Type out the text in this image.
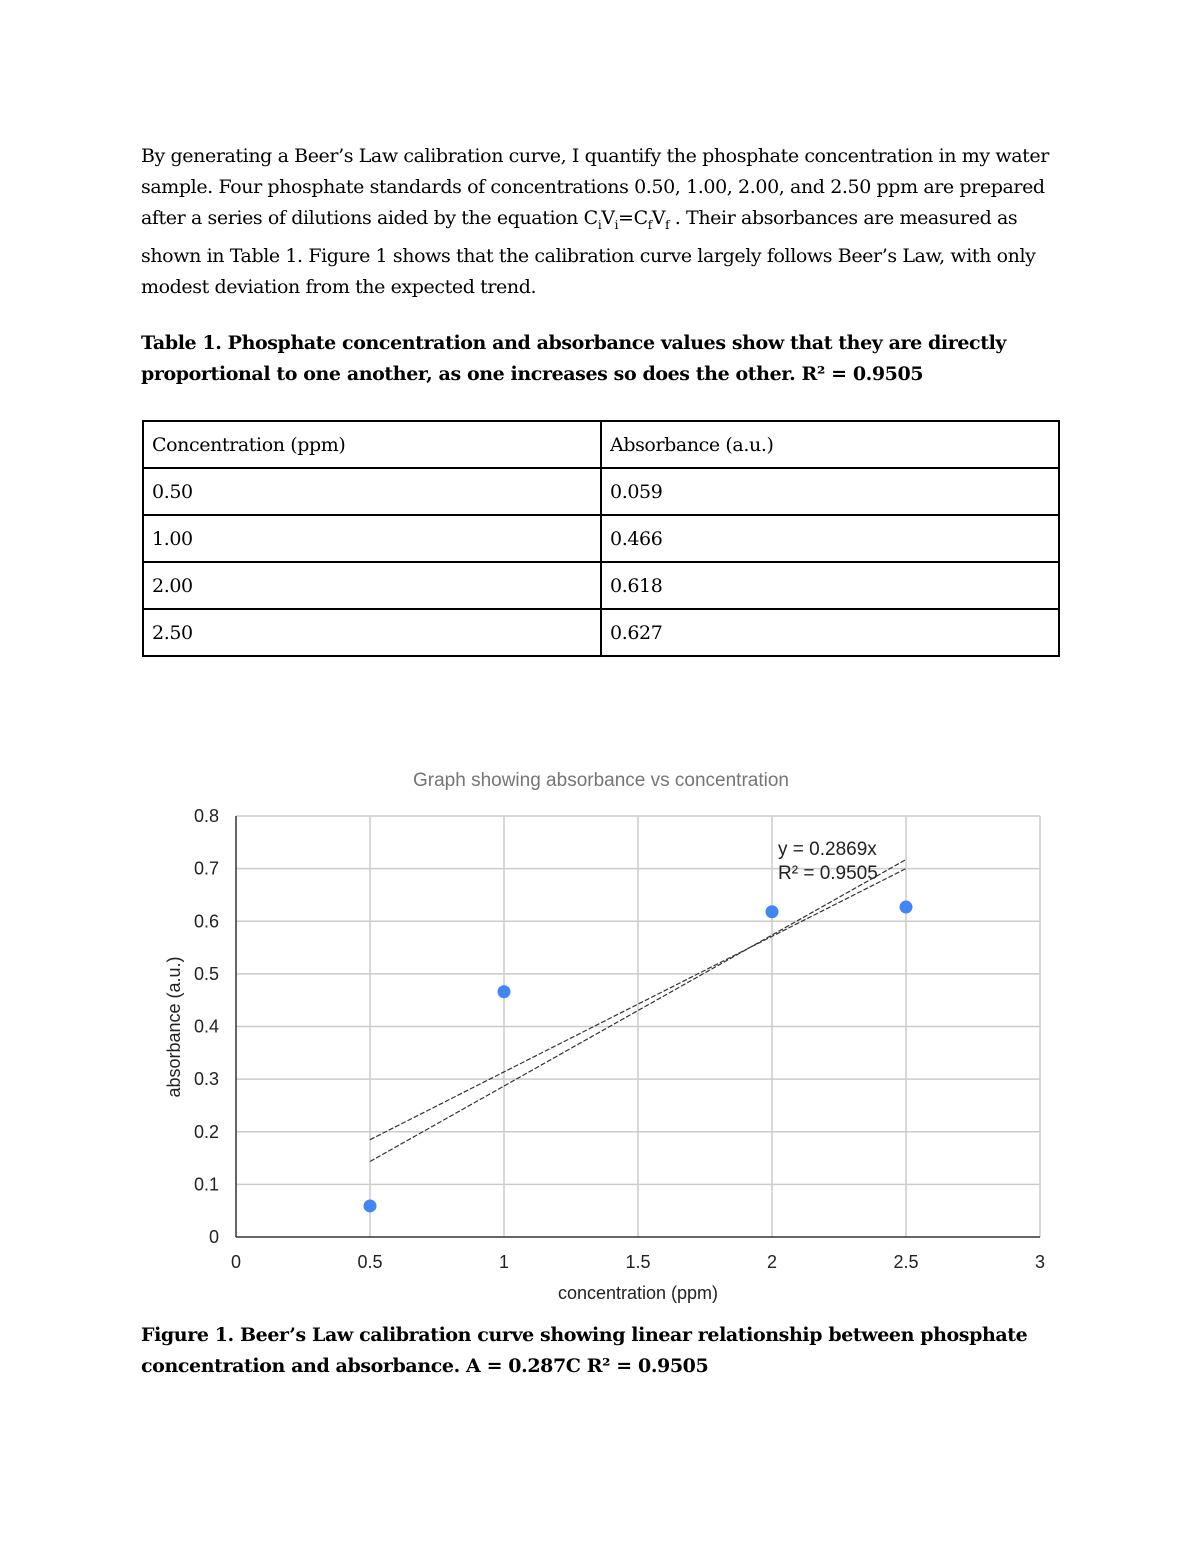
By generating a Beer’s Law calibration curve, I quantify the phosphate concentration in my water sample. Four phosphate standards of concentrations 0.50, 1.00, 2.00, and 2.50 ppm are prepared after a series of dilutions aided by the equation $C_iV_i=C_fV_f$ . Their absorbances are measured as shown in Table 1. Figure 1 shows that the calibration curve largely follows Beer’s Law, with only modest deviation from the expected trend.
Table 1. Phosphate concentration and absorbance values show that they are directly proportional to one another, as one increases so does the other. R² = 0.9505
Concentration (ppm)	Absorbance (a.u.)
0.50	0.059
1.00	0.466
2.00	0.618
2.50	0.627
Graph showing absorbance vs concentration
0	0.5	1	1.5	2	2.5	3
0
0.1
0.2
0.3
0.4
0.5
0.6
0.7
0.8
y = 0.2869x
R² = 0.9505
concentration (ppm)
absorbance (a.u.)
Figure 1. Beer’s Law calibration curve showing linear relationship between phosphate concentration and absorbance. A = 0.287C R² = 0.9505
